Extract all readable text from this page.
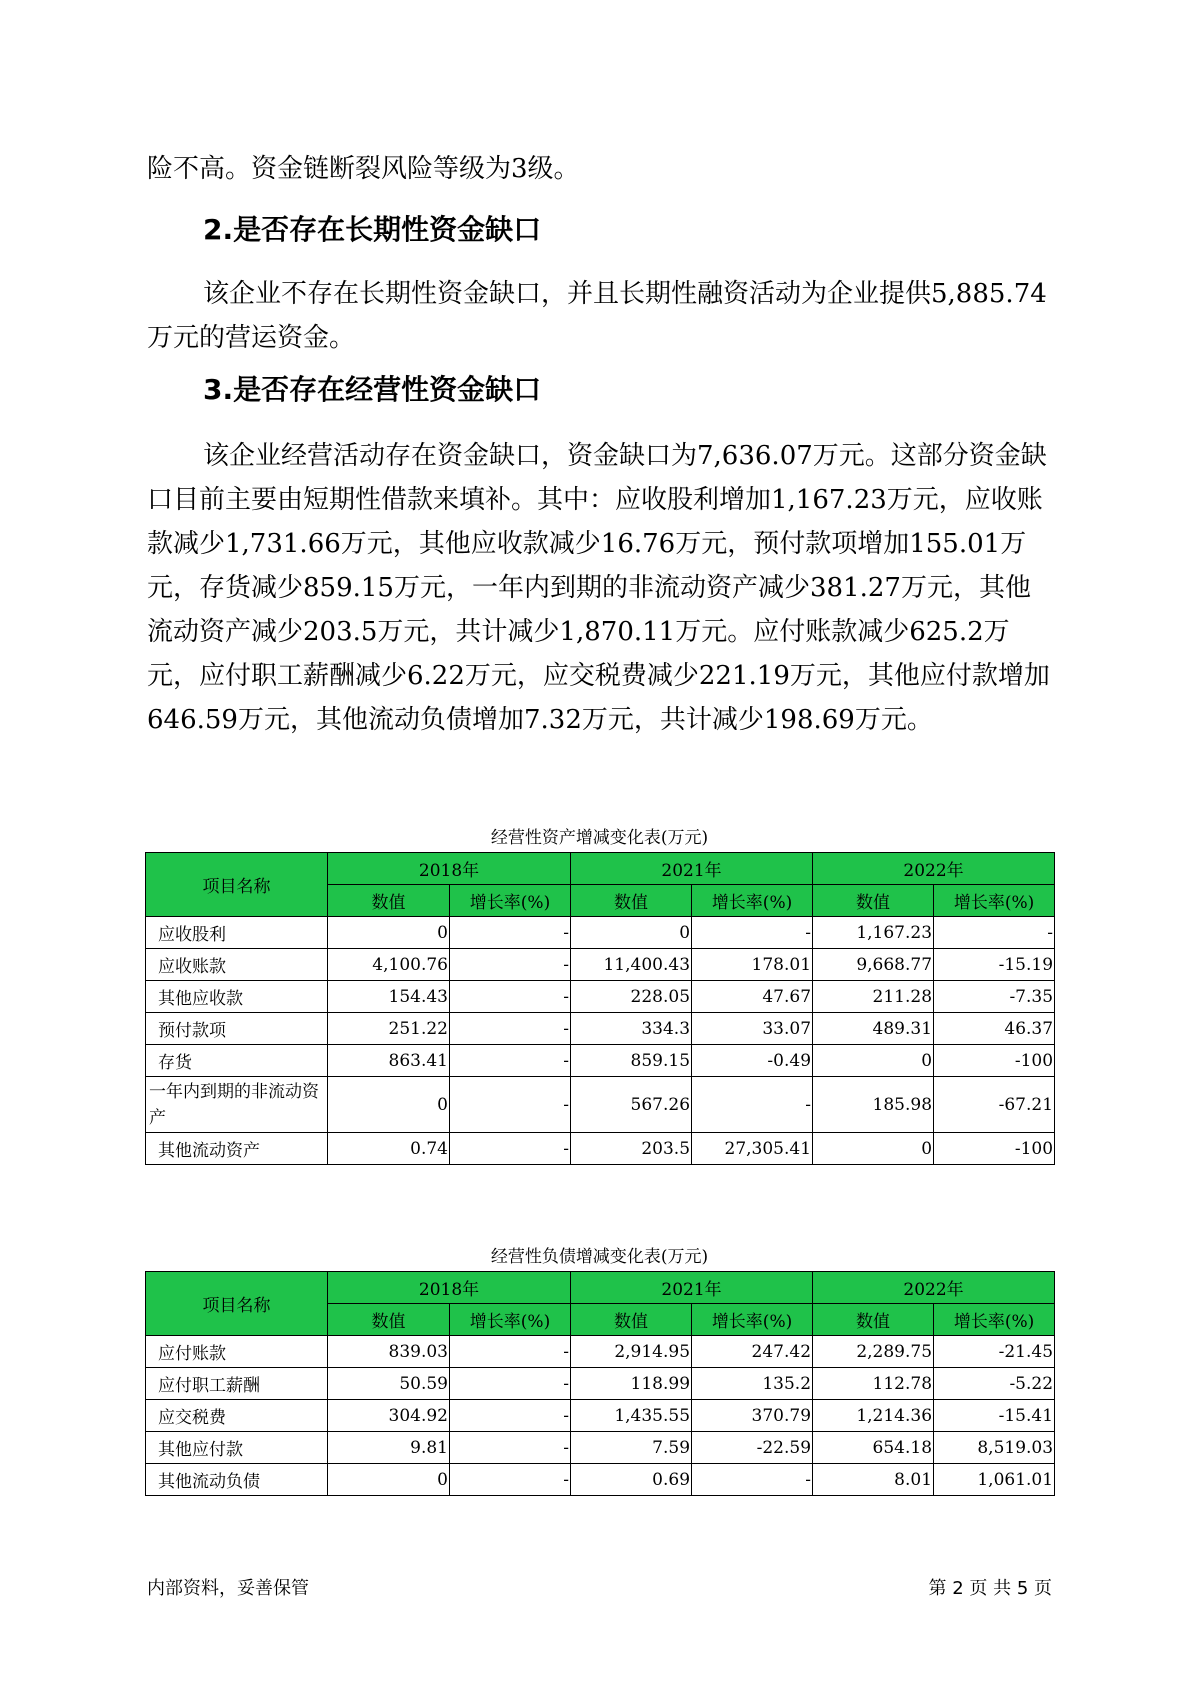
险不高。资金链断裂风险等级为3级。

2.是否存在长期性资金缺口

该企业不存在长期性资金缺口，并且长期性融资活动为企业提供5,885.74万元的营运资金。

3.是否存在经营性资金缺口

该企业经营活动存在资金缺口，资金缺口为7,636.07万元。这部分资金缺口目前主要由短期性借款来填补。其中：应收股利增加1,167.23万元，应收账款减少1,731.66万元，其他应收款减少16.76万元，预付款项增加155.01万元，存货减少859.15万元，一年内到期的非流动资产减少381.27万元，其他流动资产减少203.5万元，共计减少1,870.11万元。应付账款减少625.2万元，应付职工薪酬减少6.22万元，应交税费减少221.19万元，其他应付款增加646.59万元，其他流动负债增加7.32万元，共计减少198.69万元。

经营性资产增减变化表(万元)
项目名称	2018年		2021年		2022年	
	数值	增长率(%)	数值	增长率(%)	数值	增长率(%)
应收股利	0	-	0	-	1,167.23	-
应收账款	4,100.76	-	11,400.43	178.01	9,668.77	-15.19
其他应收款	154.43	-	228.05	47.67	211.28	-7.35
预付款项	251.22	-	334.3	33.07	489.31	46.37
存货	863.41	-	859.15	-0.49	0	-100
一年内到期的非流动资产	0	-	567.26	-	185.98	-67.21
其他流动资产	0.74	-	203.5	27,305.41	0	-100
经营性负债增减变化表(万元)
项目名称	2018年		2021年		2022年	
	数值	增长率(%)	数值	增长率(%)	数值	增长率(%)
应付账款	839.03	-	2,914.95	247.42	2,289.75	-21.45
应付职工薪酬	50.59	-	118.99	135.2	112.78	-5.22
应交税费	304.92	-	1,435.55	370.79	1,214.36	-15.41
其他应付款	9.81	-	7.59	-22.59	654.18	8,519.03
其他流动负债	0	-	0.69	-	8.01	1,061.01
内部资料，妥善保管	第 2 页 共 5 页
